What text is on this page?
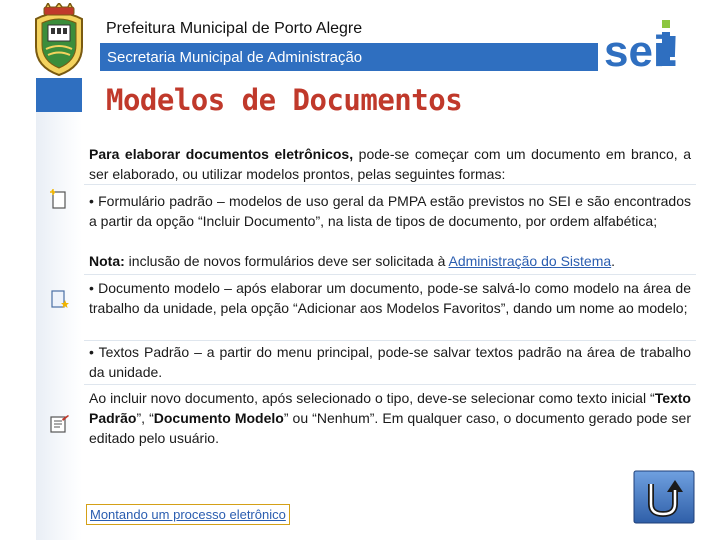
Prefeitura Municipal de Porto Alegre
Secretaria Municipal de Administração	sei!
Modelos de Documentos
Para elaborar documentos eletrônicos, pode-se começar com um documento em branco, a ser elaborado, ou utilizar modelos prontos, pelas seguintes formas:
• Formulário padrão – modelos de uso geral da PMPA estão previstos no SEI e são encontrados a partir da opção “Incluir Documento”, na lista de tipos de documento, por ordem alfabética;
Nota: inclusão de novos formulários deve ser solicitada à Administração do Sistema.
• Documento modelo – após elaborar um documento, pode-se salvá-lo como modelo na área de trabalho da unidade, pela opção “Adicionar aos Modelos Favoritos”, dando um nome ao modelo;
• Textos Padrão – a partir do menu principal, pode-se salvar textos padrão na área de trabalho da unidade.
Ao incluir novo documento, após selecionado o tipo, deve-se selecionar como texto inicial “Texto Padrão”, “Documento Modelo” ou “Nenhum”. Em qualquer caso, o documento gerado pode ser editado pelo usuário.
Montando um processo eletrônico
